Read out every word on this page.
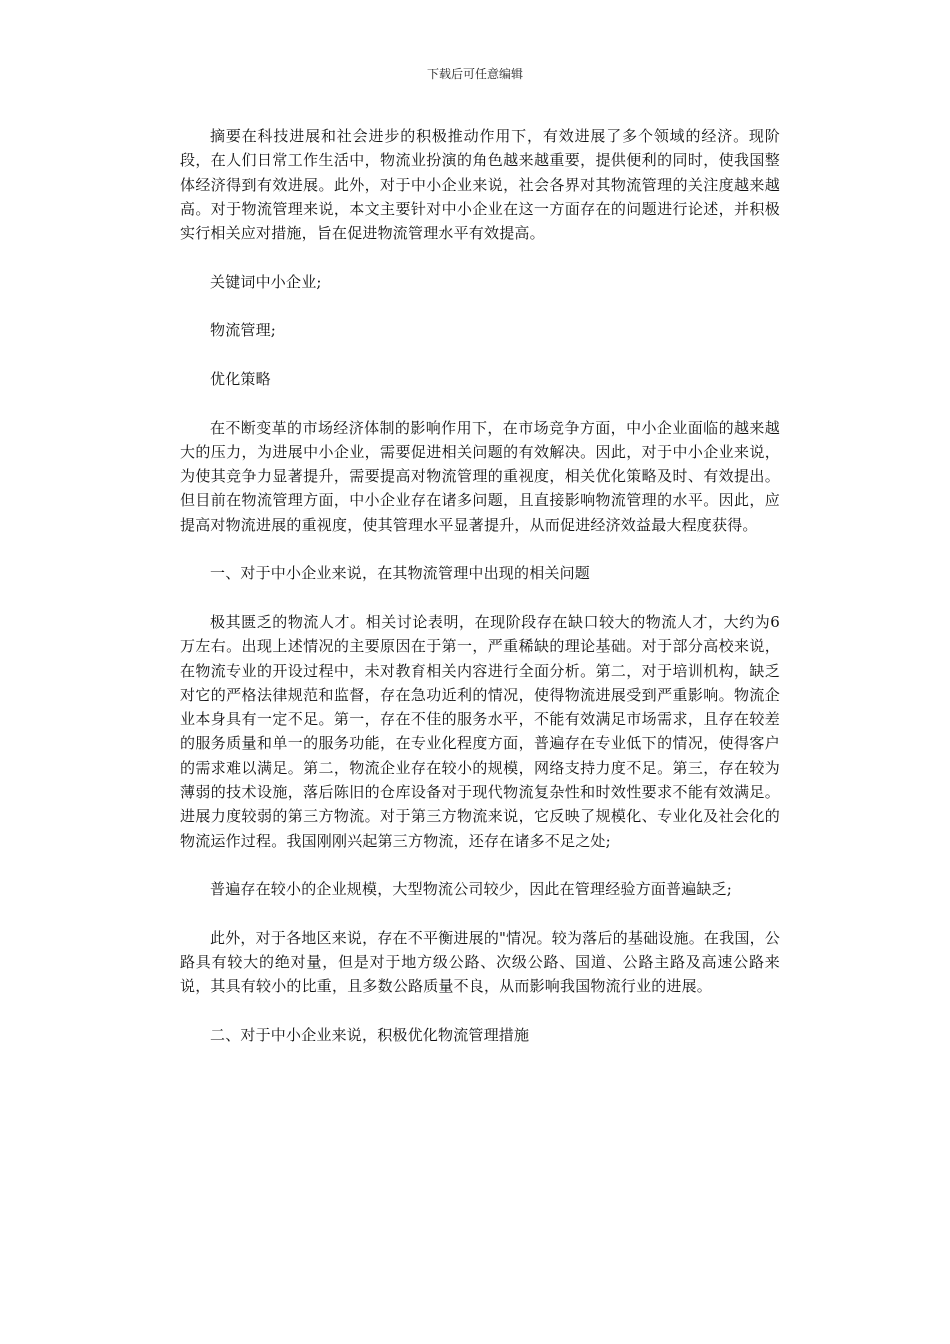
下载后可任意编辑

摘要在科技进展和社会进步的积极推动作用下，有效进展了多个领域的经济。现阶段，在人们日常工作生活中，物流业扮演的角色越来越重要，提供便利的同时，使我国整体经济得到有效进展。此外，对于中小企业来说，社会各界对其物流管理的关注度越来越高。对于物流管理来说，本文主要针对中小企业在这一方面存在的问题进行论述，并积极实行相关应对措施，旨在促进物流管理水平有效提高。

关键词中小企业;

物流管理;

优化策略

在不断变革的市场经济体制的影响作用下，在市场竞争方面，中小企业面临的越来越大的压力，为进展中小企业，需要促进相关问题的有效解决。因此，对于中小企业来说，为使其竞争力显著提升，需要提高对物流管理的重视度，相关优化策略及时、有效提出。但目前在物流管理方面，中小企业存在诸多问题，且直接影响物流管理的水平。因此，应提高对物流进展的重视度，使其管理水平显著提升，从而促进经济效益最大程度获得。

一、对于中小企业来说，在其物流管理中出现的相关问题

极其匮乏的物流人才。相关讨论表明，在现阶段存在缺口较大的物流人才，大约为6万左右。出现上述情况的主要原因在于第一，严重稀缺的理论基础。对于部分高校来说，在物流专业的开设过程中，未对教育相关内容进行全面分析。第二，对于培训机构，缺乏对它的严格法律规范和监督，存在急功近利的情况，使得物流进展受到严重影响。物流企业本身具有一定不足。第一，存在不佳的服务水平，不能有效满足市场需求，且存在较差的服务质量和单一的服务功能，在专业化程度方面，普遍存在专业低下的情况，使得客户的需求难以满足。第二，物流企业存在较小的规模，网络支持力度不足。第三，存在较为薄弱的技术设施，落后陈旧的仓库设备对于现代物流复杂性和时效性要求不能有效满足。进展力度较弱的第三方物流。对于第三方物流来说，它反映了规模化、专业化及社会化的物流运作过程。我国刚刚兴起第三方物流，还存在诸多不足之处;

普遍存在较小的企业规模，大型物流公司较少，因此在管理经验方面普遍缺乏;

此外，对于各地区来说，存在不平衡进展的"情况。较为落后的基础设施。在我国，公路具有较大的绝对量，但是对于地方级公路、次级公路、国道、公路主路及高速公路来说，其具有较小的比重，且多数公路质量不良，从而影响我国物流行业的进展。

二、对于中小企业来说，积极优化物流管理措施
